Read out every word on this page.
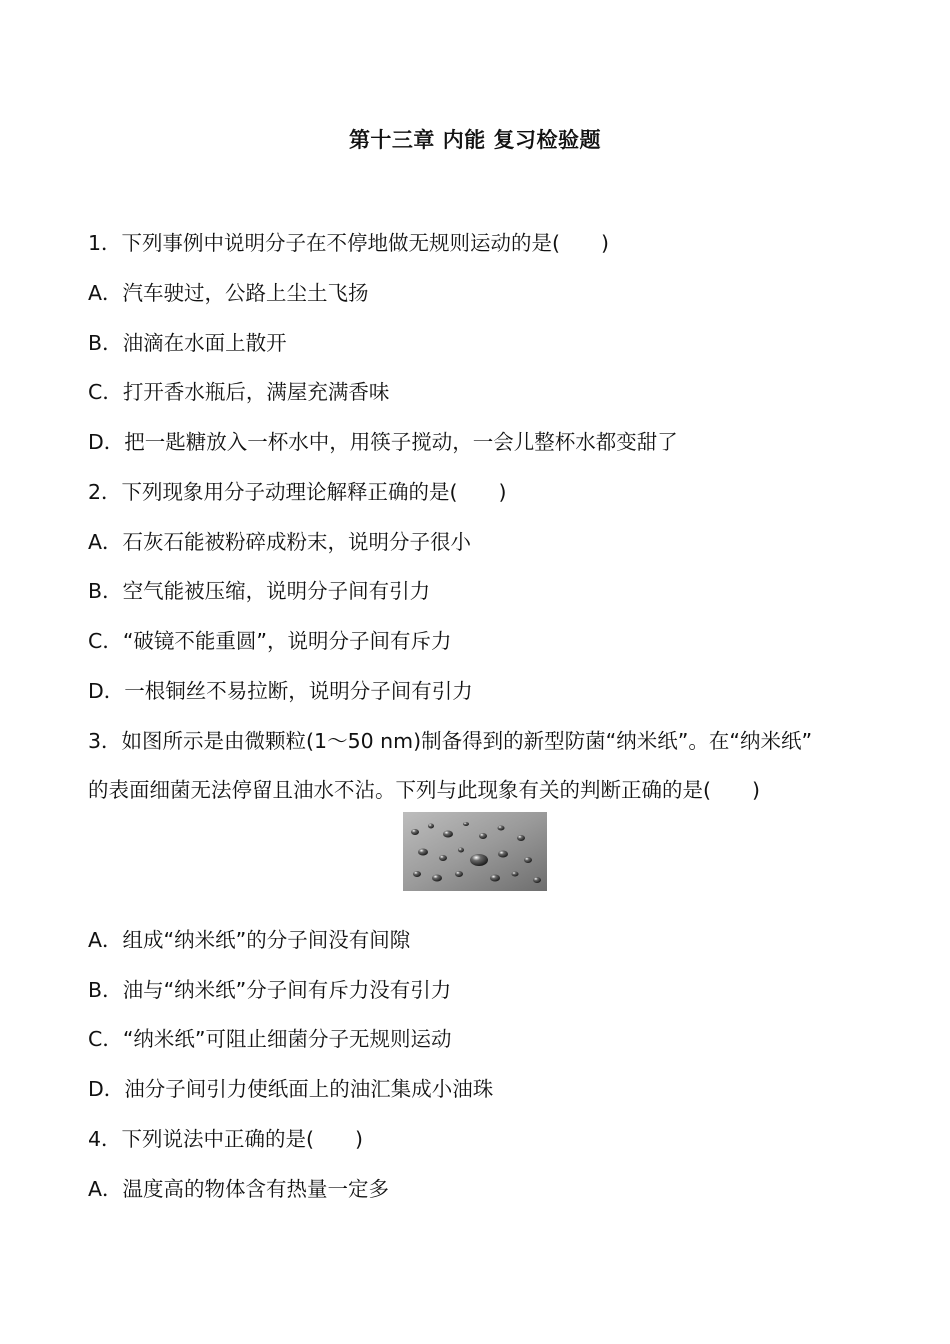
第十三章 内能 复习检验题
1．下列事例中说明分子在不停地做无规则运动的是(　　)
A．汽车驶过，公路上尘土飞扬
B．油滴在水面上散开
C．打开香水瓶后，满屋充满香味
D．把一匙糖放入一杯水中，用筷子搅动，一会儿整杯水都变甜了
2．下列现象用分子动理论解释正确的是(　　)
A．石灰石能被粉碎成粉末，说明分子很小
B．空气能被压缩，说明分子间有引力
C．“破镜不能重圆”，说明分子间有斥力
D．一根铜丝不易拉断，说明分子间有引力
3．如图所示是由微颗粒(1～50 nm)制备得到的新型防菌“纳米纸”。在“纳米纸”
的表面细菌无法停留且油水不沾。下列与此现象有关的判断正确的是(　　)
A．组成“纳米纸”的分子间没有间隙
B．油与“纳米纸”分子间有斥力没有引力
C．“纳米纸”可阻止细菌分子无规则运动
D．油分子间引力使纸面上的油汇集成小油珠
4．下列说法中正确的是(　　)
A．温度高的物体含有热量一定多
